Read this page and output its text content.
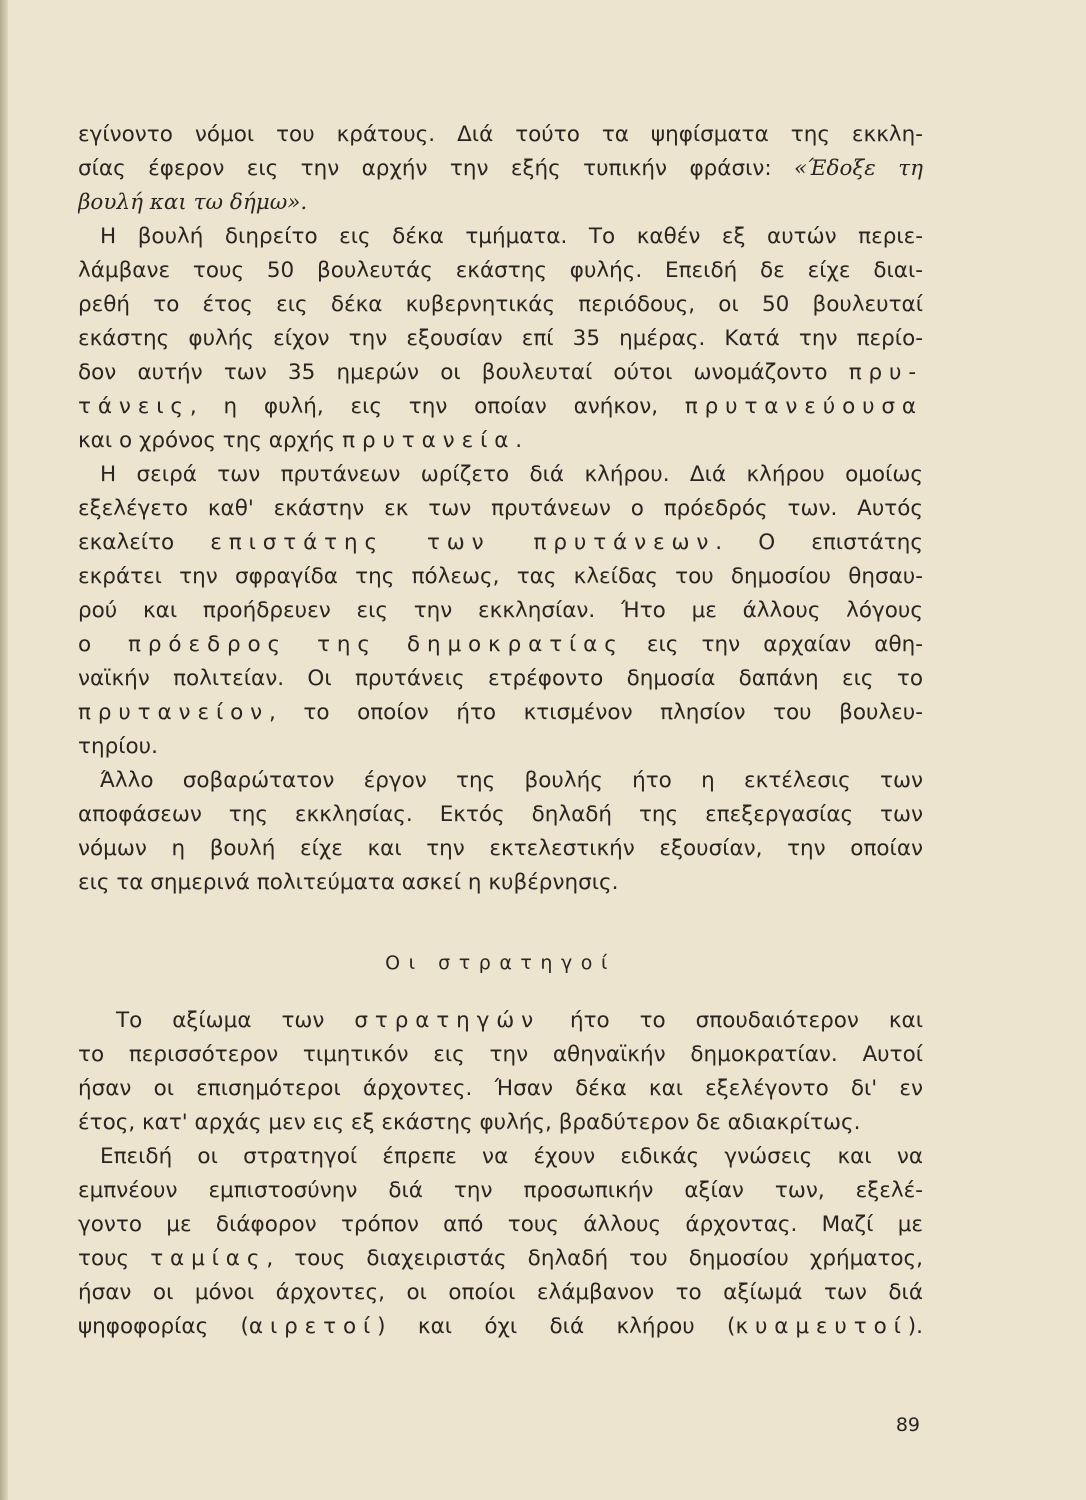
εγίνοντο νόμοι του κράτους. Διά τούτο τα ψηφίσματα της εκκλη-
σίας έφερον εις την αρχήν την εξής τυπικήν φράσιν: «Έδοξε τη
βουλή και τω δήμω».
Η βουλή διηρείτο εις δέκα τμήματα. Το καθέν εξ αυτών περιε-
λάμβανε τους 50 βουλευτάς εκάστης φυλής. Επειδή δε είχε διαι-
ρεθή το έτος εις δέκα κυβερνητικάς περιόδους, οι 50 βουλευταί
εκάστης φυλής είχον την εξουσίαν επί 35 ημέρας. Κατά την περίο-
δον αυτήν των 35 ημερών οι βουλευταί ούτοι ωνομάζοντο πρυ-
τάνεις, η φυλή, εις την οποίαν ανήκον, πρυτανεύουσα
και ο χρόνος της αρχής πρυτανεία.
Η σειρά των πρυτάνεων ωρίζετο διά κλήρου. Διά κλήρου ομοίως
εξελέγετο καθ' εκάστην εκ των πρυτάνεων ο πρόεδρός των. Αυτός
εκαλείτο επιστάτης των πρυτάνεων. Ο επιστάτης
εκράτει την σφραγίδα της πόλεως, τας κλείδας του δημοσίου θησαυ-
ρού και προήδρευεν εις την εκκλησίαν. Ήτο με άλλους λόγους
ο πρόεδρος της δημοκρατίας εις την αρχαίαν αθη-
ναϊκήν πολιτείαν. Οι πρυτάνεις ετρέφοντο δημοσία δαπάνη εις το
πρυτανείον, το οποίον ήτο κτισμένον πλησίον του βουλευ-
τηρίου.
Άλλο σοβαρώτατον έργον της βουλής ήτο η εκτέλεσις των
αποφάσεων της εκκλησίας. Εκτός δηλαδή της επεξεργασίας των
νόμων η βουλή είχε και την εκτελεστικήν εξουσίαν, την οποίαν
εις τα σημερινά πολιτεύματα ασκεί η κυβέρνησις.
Οι στρατηγοί
Το αξίωμα των στρατηγών ήτο το σπουδαιότερον και
το περισσότερον τιμητικόν εις την αθηναϊκήν δημοκρατίαν. Αυτοί
ήσαν οι επισημότεροι άρχοντες. Ήσαν δέκα και εξελέγοντο δι' εν
έτος, κατ' αρχάς μεν εις εξ εκάστης φυλής, βραδύτερον δε αδιακρίτως.
Επειδή οι στρατηγοί έπρεπε να έχουν ειδικάς γνώσεις και να
εμπνέουν εμπιστοσύνην διά την προσωπικήν αξίαν των, εξελέ-
γοντο με διάφορον τρόπον από τους άλλους άρχοντας. Μαζί με
τους ταμίας, τους διαχειριστάς δηλαδή του δημοσίου χρήματος,
ήσαν οι μόνοι άρχοντες, οι οποίοι ελάμβανον το αξίωμά των διά
ψηφοφορίας (αιρετοί) και όχι διά κλήρου (κυαμευτοί).
89
